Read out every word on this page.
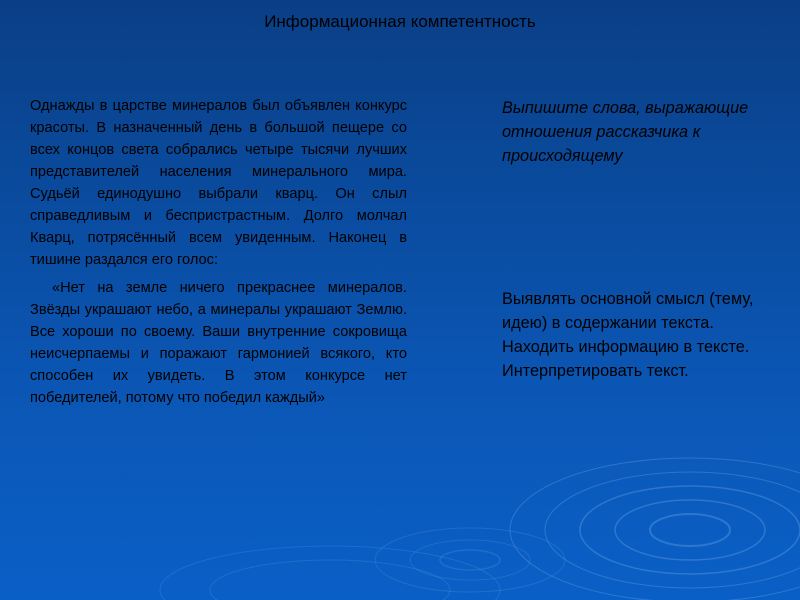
Информационная компетентность

Однажды в царстве минералов был объявлен конкурс красоты. В назначенный день в большой пещере со всех концов света собрались четыре тысячи лучших представителей населения минерального мира. Судьёй единодушно выбрали кварц. Он слыл справедливым и беспристрастным. Долго молчал Кварц, потрясённый всем увиденным. Наконец в тишине раздался его голос:

«Нет на земле ничего прекраснее минералов. Звёзды украшают небо, а минералы украшают Землю. Все хороши по своему. Ваши внутренние сокровища неисчерпаемы и поражают гармонией всякого, кто способен их увидеть. В этом конкурсе нет победителей, потому что победил каждый»

Выпишите слова, выражающие отношения рассказчика к происходящему
Выявлять основной смысл (тему, идею) в содержании текста.
Находить информацию в тексте.
Интерпретировать текст.
